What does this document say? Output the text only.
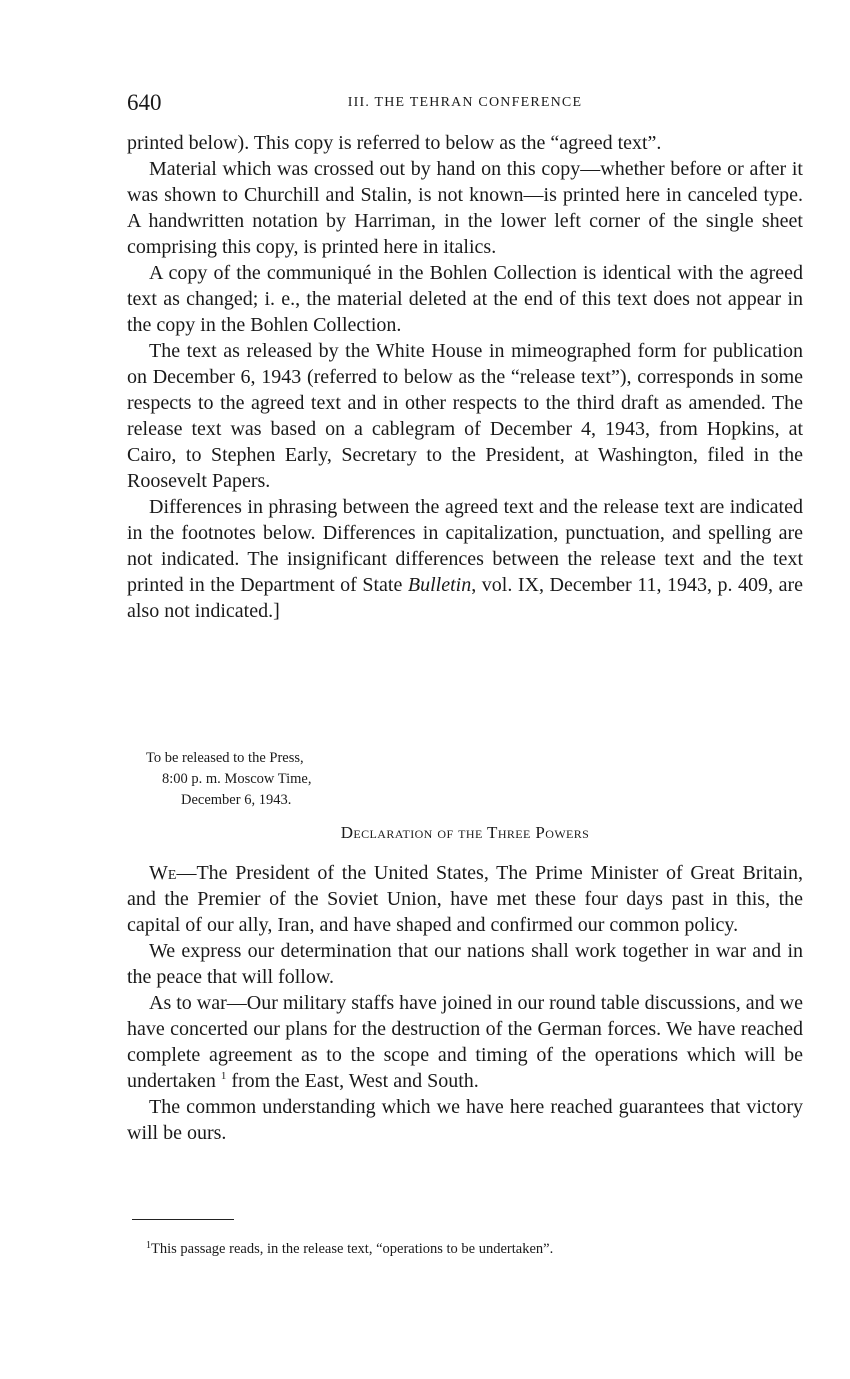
640	III. THE TEHRAN CONFERENCE

printed below). This copy is referred to below as the “agreed text”.

Material which was crossed out by hand on this copy—whether before or after it was shown to Churchill and Stalin, is not known—is printed here in canceled type. A handwritten notation by Harriman, in the lower left corner of the single sheet comprising this copy, is printed here in italics.

A copy of the communiqué in the Bohlen Collection is identical with the agreed text as changed; i. e., the material deleted at the end of this text does not appear in the copy in the Bohlen Collection.

The text as released by the White House in mimeographed form for publication on December 6, 1943 (referred to below as the “release text”), corresponds in some respects to the agreed text and in other respects to the third draft as amended. The release text was based on a cablegram of December 4, 1943, from Hopkins, at Cairo, to Stephen Early, Secretary to the President, at Washington, filed in the Roosevelt Papers.

Differences in phrasing between the agreed text and the release text are indicated in the footnotes below. Differences in capitalization, punctuation, and spelling are not indicated. The insignificant differences between the release text and the text printed in the Department of State Bulletin, vol. IX, December 11, 1943, p. 409, are also not indicated.]

To be released to the Press,
8:00 p. m. Moscow Time,
December 6, 1943.
Declaration of the Three Powers

We—The President of the United States, The Prime Minister of Great Britain, and the Premier of the Soviet Union, have met these four days past in this, the capital of our ally, Iran, and have shaped and confirmed our common policy.

We express our determination that our nations shall work together in war and in the peace that will follow.

As to war—Our military staffs have joined in our round table discussions, and we have concerted our plans for the destruction of the German forces. We have reached complete agreement as to the scope and timing of the operations which will be undertaken $^1$ from the East, West and South.

The common understanding which we have here reached guarantees that victory will be ours.

$^1$This passage reads, in the release text, “operations to be undertaken”.
